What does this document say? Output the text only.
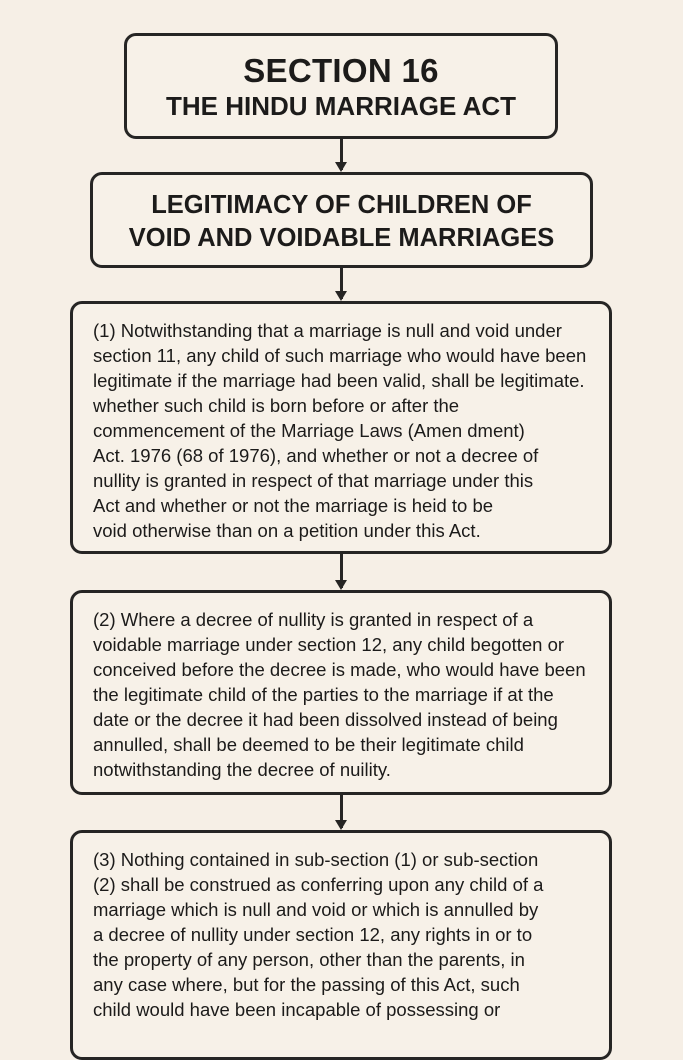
SECTION 16
THE HINDU MARRIAGE ACT
LEGITIMACY OF CHILDREN OF
VOID AND VOIDABLE MARRIAGES
(1) Notwithstanding that a marriage is null and void under
section 11, any child of such marriage who would have been
legitimate if the marriage had been valid, shall be legitimate.
whether such child is born before or after the
commencement of the Marriage Laws (Amen dment)
Act. 1976 (68 of 1976), and whether or not a decree of
nullity is granted in respect of that marriage under this
Act and whether or not the marriage is heid to be
void otherwise than on a petition under this Act.
(2) Where a decree of nullity is granted in respect of a
voidable marriage under section 12, any child begotten or
conceived before the decree is made, who would have been
the legitimate child of the parties to the marriage if at the
date or the decree it had been dissolved instead of being
annulled, shall be deemed to be their legitimate child
notwithstanding the decree of nuility.
(3) Nothing contained in sub-section (1) or sub-section
(2) shall be construed as conferring upon any child of a
marriage which is null and void or which is annulled by
a decree of nullity under section 12, any rights in or to
the property of any person, other than the parents, in
any case where, but for the passing of this Act, such
child would have been incapable of possessing or
